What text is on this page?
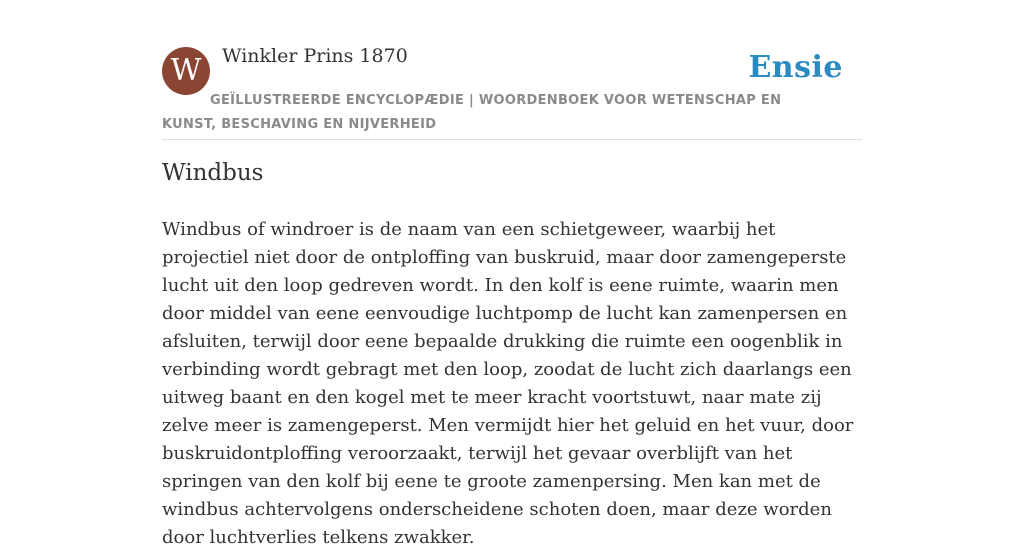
W	Winkler Prins 1870	Ensie
GEÏLLUSTREERDE ENCYCLOPÆDIE | WOORDENBOEK VOOR WETENSCHAP EN KUNST, BESCHAVING EN NIJVERHEID
Windbus

Windbus of windroer is de naam van een schietgeweer, waarbij het projectiel niet door de ontploffing van buskruid, maar door zamengeperste lucht uit den loop gedreven wordt. In den kolf is eene ruimte, waarin men door middel van eene eenvoudige luchtpomp de lucht kan zamenpersen en afsluiten, terwijl door eene bepaalde drukking die ruimte een oogenblik in verbinding wordt gebragt met den loop, zoodat de lucht zich daarlangs een uitweg baant en den kogel met te meer kracht voortstuwt, naar mate zij zelve meer is zamengeperst. Men vermijdt hier het geluid en het vuur, door buskruidontploffing veroorzaakt, terwijl het gevaar overblijft van het springen van den kolf bij eene te groote zamenpersing. Men kan met de windbus achtervolgens onderscheidene schoten doen, maar deze worden door luchtverlies telkens zwakker.
